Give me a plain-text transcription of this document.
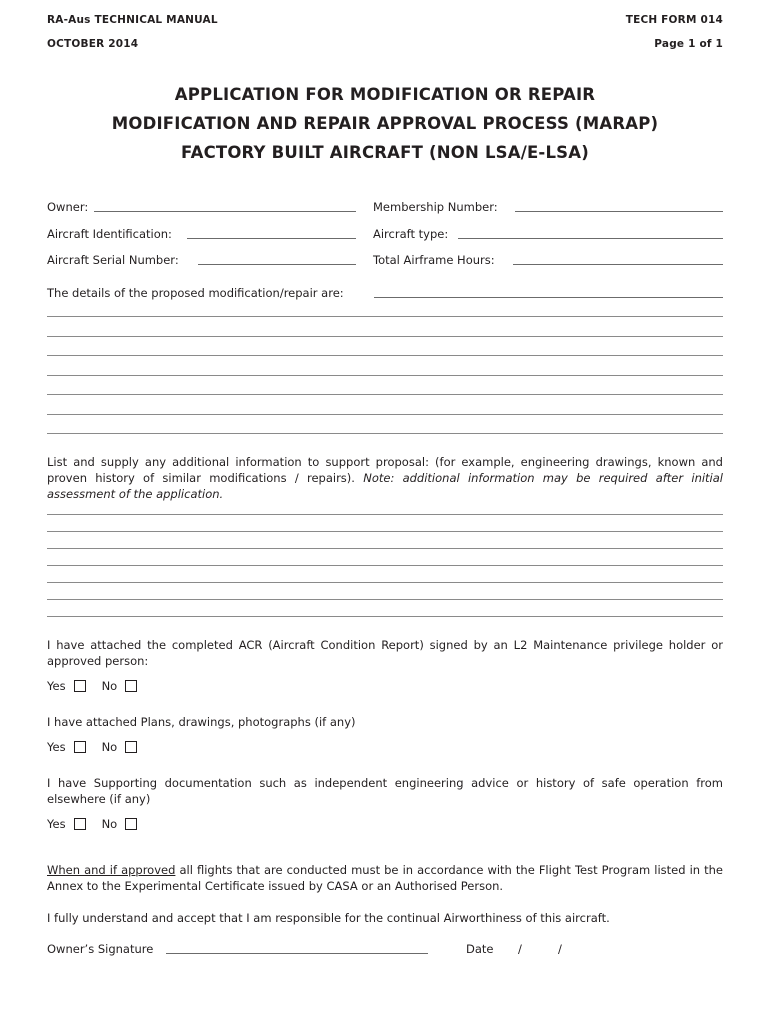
RA-Aus TECHNICAL MANUAL
OCTOBER 2014
TECH FORM 014
Page 1 of 1
APPLICATION FOR MODIFICATION OR REPAIR
MODIFICATION AND REPAIR APPROVAL PROCESS (MARAP)
FACTORY BUILT AIRCRAFT (NON LSA/E-LSA)
Owner:	Membership Number:
Aircraft Identification:	Aircraft type:
Aircraft Serial Number:	Total Airframe Hours:
The details of the proposed modification/repair are:
List and supply any additional information to support proposal: (for example, engineering drawings, known and proven history of similar modifications / repairs). Note: additional information may be required after initial assessment of the application.
I have attached the completed ACR (Aircraft Condition Report) signed by an L2 Maintenance privilege holder or approved person:
Yes	No
I have attached Plans, drawings, photographs (if any)
Yes	No
I have Supporting documentation such as independent engineering advice or history of safe operation from elsewhere (if any)
Yes	No
When and if approved all flights that are conducted must be in accordance with the Flight Test Program listed in the Annex to the Experimental Certificate issued by CASA or an Authorised Person.
I fully understand and accept that I am responsible for the continual Airworthiness of this aircraft.
Owner’s Signature	Date /	/
